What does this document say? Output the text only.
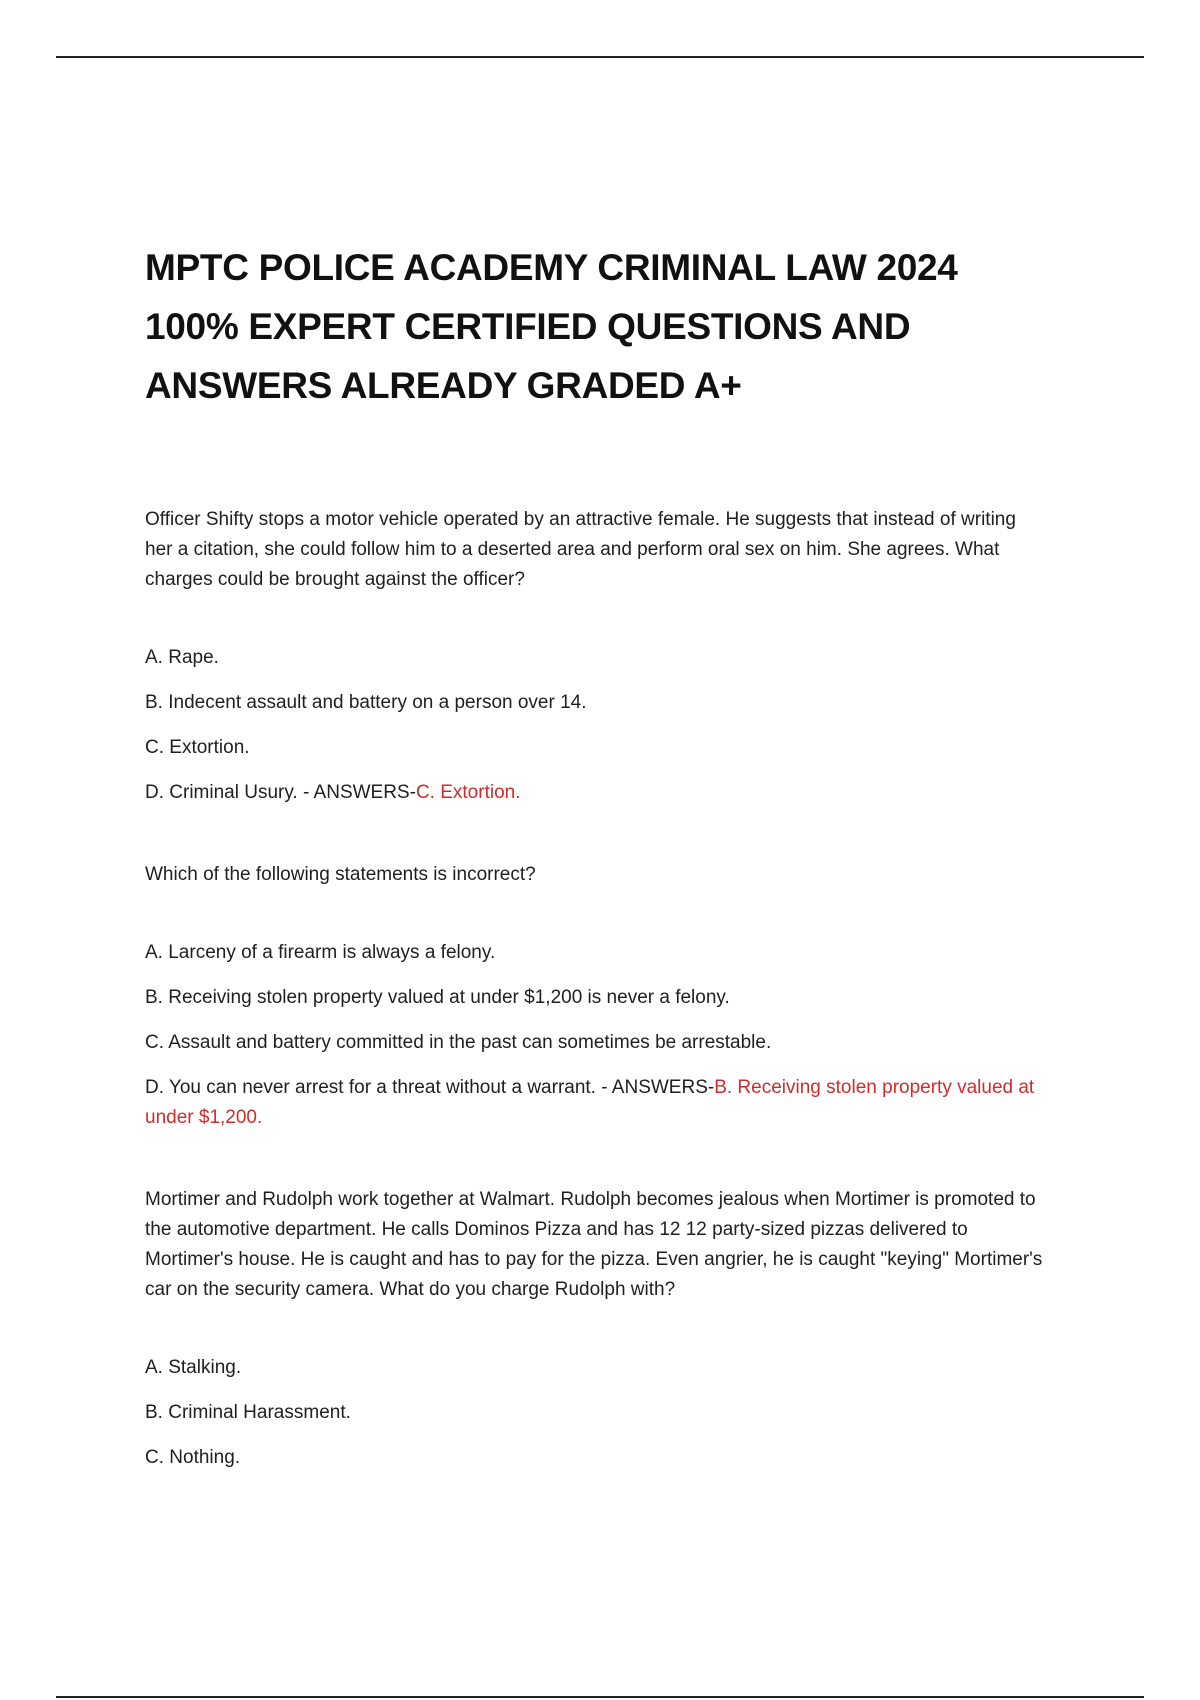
MPTC POLICE ACADEMY CRIMINAL LAW 2024 100% EXPERT CERTIFIED QUESTIONS AND ANSWERS ALREADY GRADED A+

Officer Shifty stops a motor vehicle operated by an attractive female. He suggests that instead of writing her a citation, she could follow him to a deserted area and perform oral sex on him. She agrees. What charges could be brought against the officer?

A. Rape.

B. Indecent assault and battery on a person over 14.

C. Extortion.

D. Criminal Usury. - ANSWERS-C. Extortion.

Which of the following statements is incorrect?

A. Larceny of a firearm is always a felony.

B. Receiving stolen property valued at under $1,200 is never a felony.

C. Assault and battery committed in the past can sometimes be arrestable.

D. You can never arrest for a threat without a warrant. - ANSWERS-B. Receiving stolen property valued at under $1,200.

Mortimer and Rudolph work together at Walmart. Rudolph becomes jealous when Mortimer is promoted to the automotive department. He calls Dominos Pizza and has 12 12 party-sized pizzas delivered to Mortimer's house. He is caught and has to pay for the pizza. Even angrier, he is caught "keying" Mortimer's car on the security camera. What do you charge Rudolph with?

A. Stalking.

B. Criminal Harassment.

C. Nothing.
